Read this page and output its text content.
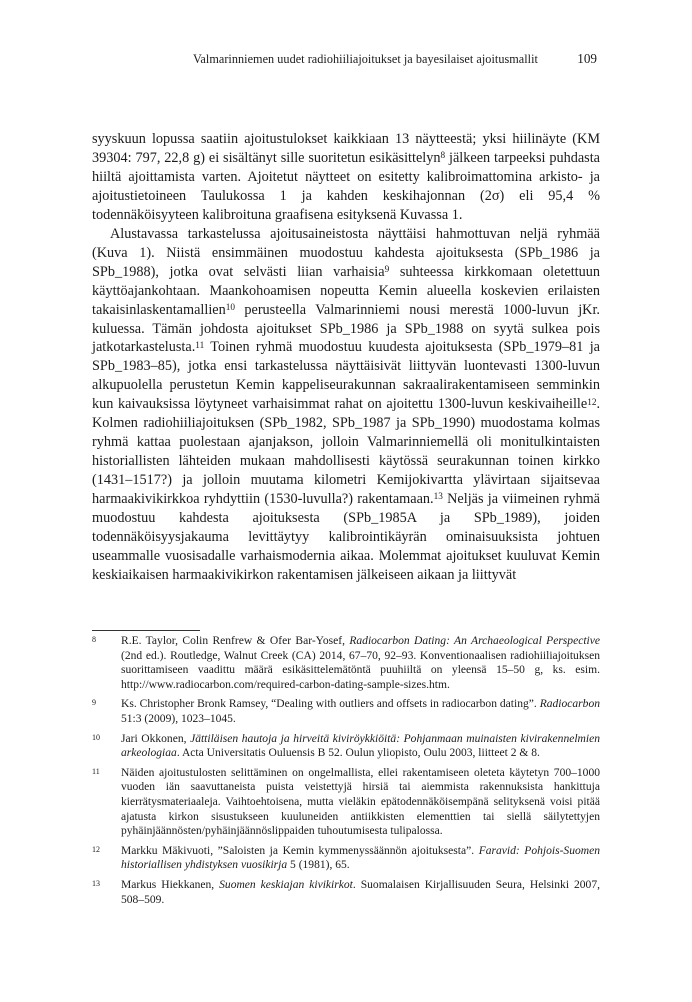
Valmarinniemen uudet radiohiiliajoitukset ja bayesilaiset ajoitusmallit	109

syyskuun lopussa saatiin ajoitustulokset kaikkiaan 13 näytteestä; yksi hiilinäyte (KM 39304: 797, 22,8 g) ei sisältänyt sille suoritetun esikäsittelyn$^8$ jälkeen tarpeeksi puhdasta hiiltä ajoittamista varten. Ajoitetut näytteet on esitetty kalibroimattomina arkisto- ja ajoitustietoineen Taulukossa 1 ja kahden keskihajonnan (2σ) eli 95,4 % todennäköisyyteen kalibroituna graafisena esityksenä Kuvassa 1.

Alustavassa tarkastelussa ajoitusaineistosta näyttäisi hahmottuvan neljä ryhmää (Kuva 1). Niistä ensimmäinen muodostuu kahdesta ajoituksesta (SPb_1986 ja SPb_1988), jotka ovat selvästi liian varhaisia$^9$ suhteessa kirkkomaan oletettuun käyttöajankohtaan. Maankohoamisen nopeutta Kemin alueella koskevien erilaisten takaisinlaskentamallien$^{10}$ perusteella Valmarinniemi nousi merestä 1000-luvun jKr. kuluessa. Tämän johdosta ajoitukset SPb_1986 ja SPb_1988 on syytä sulkea pois jatkotarkastelusta.$^{11}$ Toinen ryhmä muodostuu kuudesta ajoituksesta (SPb_1979–81 ja SPb_1983–85), jotka ensi tarkastelussa näyttäisivät liittyvän luontevasti 1300-luvun alkupuolella perustetun Kemin kappeliseurakunnan sakraalirakentamiseen semminkin kun kaivauksissa löytyneet varhaisimmat rahat on ajoitettu 1300-luvun keskivaiheille$^{12}$. Kolmen radiohiiliajoituksen (SPb_1982, SPb_1987 ja SPb_1990) muodostama kolmas ryhmä kattaa puolestaan ajanjakson, jolloin Valmarinniemellä oli monitulkintaisten historiallisten lähteiden mukaan mahdollisesti käytössä seurakunnan toinen kirkko (1431–1517?) ja jolloin muutama kilometri Kemijokivartta ylävirtaan sijaitsevaa harmaakivikirkkoa ryhdyttiin (1530-luvulla?) rakentamaan.$^{13}$ Neljäs ja viimeinen ryhmä muodostuu kahdesta ajoituksesta (SPb_1985A ja SPb_1989), joiden todennäköisyysjakauma levittäytyy kalibrointikäyrän ominaisuuksista johtuen useammalle vuosisadalle varhaismodernia aikaa. Molemmat ajoitukset kuuluvat Kemin keskiaikaisen harmaakivikirkon rakentamisen jälkeiseen aikaan ja liittyvät

8 R.E. Taylor, Colin Renfrew & Ofer Bar-Yosef, Radiocarbon Dating: An Archaeological Perspective (2nd ed.). Routledge, Walnut Creek (CA) 2014, 67–70, 92–93. Konventionaalisen radiohiiliajoituksen suorittamiseen vaadittu määrä esikäsittelemätöntä puuhiiltä on yleensä 15–50 g, ks. esim. http://www.radiocarbon.com/required-carbon-dating-sample-sizes.htm.
9 Ks. Christopher Bronk Ramsey, “Dealing with outliers and offsets in radiocarbon dating”. Radiocarbon 51:3 (2009), 1023–1045.
10 Jari Okkonen, Jättiläisen hautoja ja hirveitä kiviröykkiöitä: Pohjanmaan muinaisten kivirakennelmien arkeologiaa. Acta Universitatis Ouluensis B 52. Oulun yliopisto, Oulu 2003, liitteet 2 & 8.
11 Näiden ajoitustulosten selittäminen on ongelmallista, ellei rakentamiseen oleteta käytetyn 700–1000 vuoden iän saavuttaneista puista veistettyjä hirsiä tai aiemmista rakennuksista hankittuja kierrätysmateriaaleja. Vaihtoehtoisena, mutta vieläkin epätodennäköisempänä selityksenä voisi pitää ajatusta kirkon sisustukseen kuuluneiden antiikkisten elementtien tai siellä säilytettyjen pyhäinjäännösten/pyhäinjäännöslippaiden tuhoutumisesta tulipalossa.
12 Markku Mäkivuoti, ”Saloisten ja Kemin kymmenyssäännön ajoituksesta”. Faravid: Pohjois-Suomen historiallisen yhdistyksen vuosikirja 5 (1981), 65.
13 Markus Hiekkanen, Suomen keskiajan kivikirkot. Suomalaisen Kirjallisuuden Seura, Helsinki 2007, 508–509.
